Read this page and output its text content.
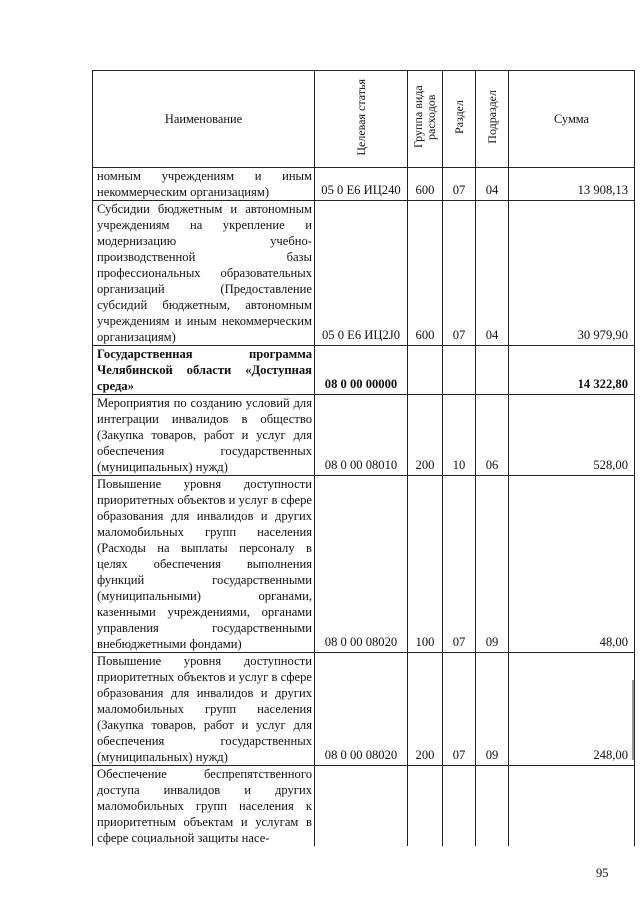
Наименование	Целевая статья	Группа вида расходов	Раздел	Подраздел	Сумма
номным учреждениям и иным некоммерческим организациям)	05 0 Е6 ИЦ240	600	07	04	13 908,13
Субсидии бюджетным и автономным учреждениям на укрепление и модернизацию учебно-производственной базы профессиональных образовательных организаций (Предоставление субсидий бюджетным, автономным учреждениям и иным некоммерческим организациям)	05 0 Е6 ИЦ2J0	600	07	04	30 979,90
Государственная программа Челябинской области «Доступная среда»	08 0 00 00000				14 322,80
Мероприятия по созданию условий для интеграции инвалидов в общество (Закупка товаров, работ и услуг для обеспечения государственных (муниципальных) нужд)	08 0 00 08010	200	10	06	528,00
Повышение уровня доступности приоритетных объектов и услуг в сфере образования для инвалидов и других маломобильных групп населения (Расходы на выплаты персоналу в целях обеспечения выполнения функций государственными (муниципальными) органами, казенными учреждениями, органами управления государственными внебюджетными фондами)	08 0 00 08020	100	07	09	48,00
Повышение уровня доступности приоритетных объектов и услуг в сфере образования для инвалидов и других маломобильных групп населения (Закупка товаров, работ и услуг для обеспечения государственных (муниципальных) нужд)	08 0 00 08020	200	07	09	248,00
Обеспечение беспрепятственного доступа инвалидов и других маломобильных групп населения к приоритетным объектам и услугам в сфере социальной защиты насе-					
95
